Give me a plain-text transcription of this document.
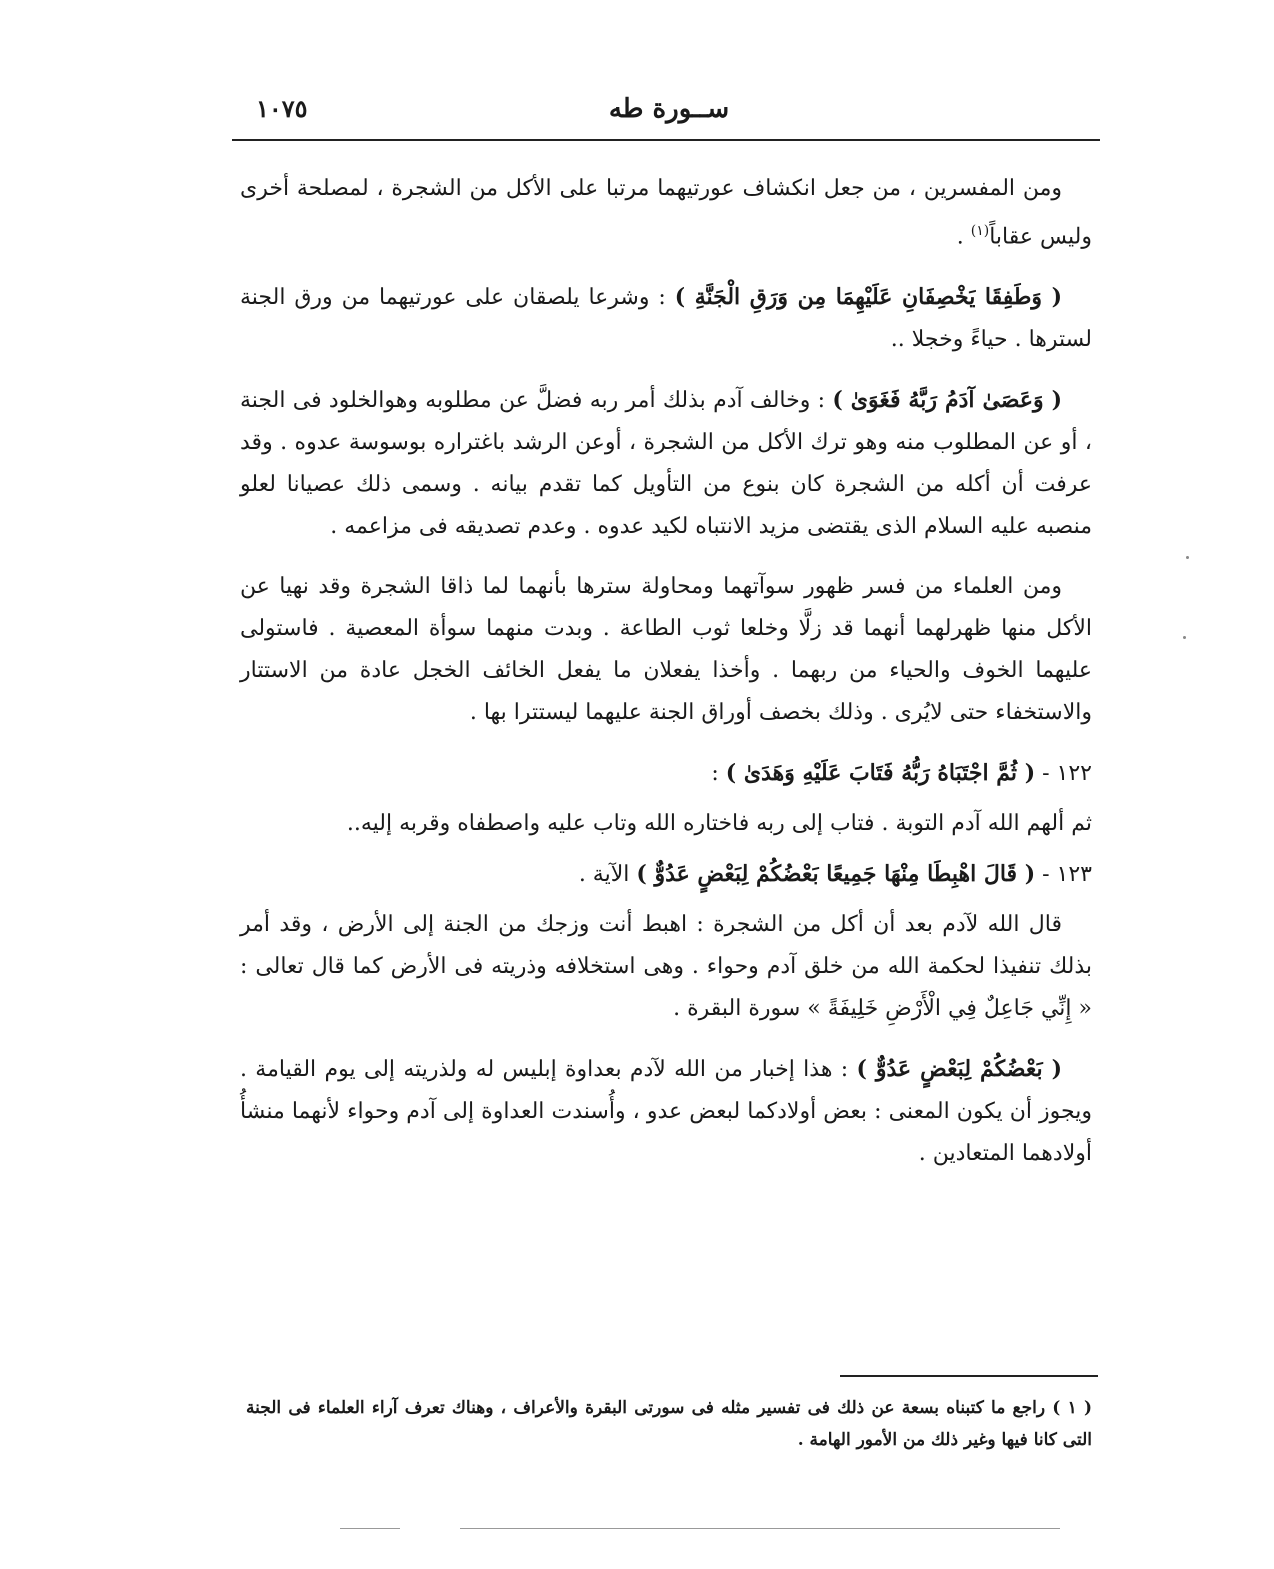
١٠٧٥	ســورة طه

ومن المفسرين ، من جعل انكشاف عورتيهما مرتبا على الأكل من الشجرة ، لمصلحة أخرى وليس عقاباً$^{(١)}$ .

( وَطَفِقَا يَخْصِفَانِ عَلَيْهِمَا مِن وَرَقِ الْجَنَّةِ ) : وشرعا يلصقان على عورتيهما من ورق الجنة لسترها . حياءً وخجلا ..

( وَعَصَىٰ آدَمُ رَبَّهُ فَغَوَىٰ ) : وخالف آدم بذلك أمر ربه فضلَّ عن مطلوبه وهوالخلود فى الجنة ، أو عن المطلوب منه وهو ترك الأكل من الشجرة ، أوعن الرشد باغتراره بوسوسة عدوه . وقد عرفت أن أكله من الشجرة كان بنوع من التأويل كما تقدم بيانه . وسمى ذلك عصيانا لعلو منصبه عليه السلام الذى يقتضى مزيد الانتباه لكيد عدوه . وعدم تصديقه فى مزاعمه .

ومن العلماء من فسر ظهور سوآتهما ومحاولة سترها بأنهما لما ذاقا الشجرة وقد نهيا عن الأكل منها ظهرلهما أنهما قد زلَّا وخلعا ثوب الطاعة . وبدت منهما سوأة المعصية . فاستولى عليهما الخوف والحياء من ربهما . وأخذا يفعلان ما يفعل الخائف الخجل عادة من الاستتار والاستخفاء حتى لايُرى . وذلك بخصف أوراق الجنة عليهما ليستترا بها .

١٢٢ - ( ثُمَّ اجْتَبَاهُ رَبُّهُ فَتَابَ عَلَيْهِ وَهَدَىٰ ) :

ثم ألهم الله آدم التوبة . فتاب إلى ربه فاختاره الله وتاب عليه واصطفاه وقربه إليه..

١٢٣ - ( قَالَ اهْبِطَا مِنْهَا جَمِيعًا بَعْضُكُمْ لِبَعْضٍ عَدُوٌّ ) الآية .

قال الله لآدم بعد أن أكل من الشجرة : اهبط أنت وزجك من الجنة إلى الأرض ، وقد أمر بذلك تنفيذا لحكمة الله من خلق آدم وحواء . وهى استخلافه وذريته فى الأرض كما قال تعالى : « إِنِّي جَاعِلٌ فِي الْأَرْضِ خَلِيفَةً » سورة البقرة .

( بَعْضُكُمْ لِبَعْضٍ عَدُوٌّ ) : هذا إخبار من الله لآدم بعداوة إبليس له ولذريته إلى يوم القيامة . ويجوز أن يكون المعنى : بعض أولادكما لبعض عدو ، وأُسندت العداوة إلى آدم وحواء لأنهما منشأُ أولادهما المتعادين .

( ١ ) راجع ما كتبناه بسعة عن ذلك فى تفسير مثله فى سورتى البقرة والأعراف ، وهناك تعرف آراء العلماء فى الجنة التى كانا فيها وغير ذلك من الأمور الهامة .
